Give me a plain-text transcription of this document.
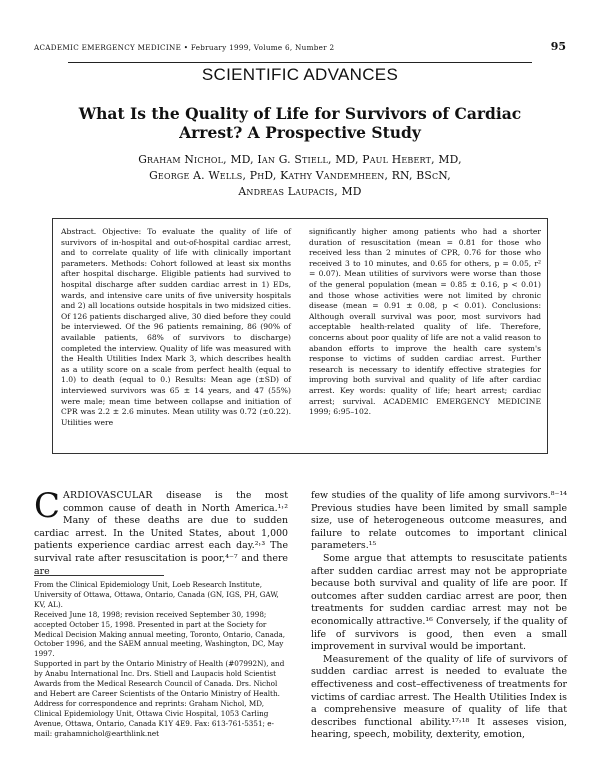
ACADEMIC EMERGENCY MEDICINE • February 1999, Volume 6, Number 2	95
SCIENTIFIC ADVANCES
What Is the Quality of Life for Survivors of Cardiac Arrest? A Prospective Study
Graham Nichol, MD, Ian G. Stiell, MD, Paul Hebert, MD,
George A. Wells, PhD, Kathy Vandemheen, RN, BScN,
Andreas Laupacis, MD
Abstract. Objective: To evaluate the quality of life of survivors of in-hospital and out-of-hospital cardiac arrest, and to correlate quality of life with clinically important parameters. Methods: Cohort followed at least six months after hospital discharge. Eligible patients had survived to hospital discharge after sudden cardiac arrest in 1) EDs, wards, and intensive care units of five university hospitals and 2) all locations outside hospitals in two midsized cities. Of 126 patients discharged alive, 30 died before they could be interviewed. Of the 96 patients remaining, 86 (90% of available patients, 68% of survivors to discharge) completed the interview. Quality of life was measured with the Health Utilities Index Mark 3, which describes health as a utility score on a scale from perfect health (equal to 1.0) to death (equal to 0.) Results: Mean age (±SD) of interviewed survivors was 65 ± 14 years, and 47 (55%) were male; mean time between collapse and initiation of CPR was 2.2 ± 2.6 minutes. Mean utility was 0.72 (±0.22). Utilities were
significantly higher among patients who had a shorter duration of resuscitation (mean = 0.81 for those who received less than 2 minutes of CPR, 0.76 for those who received 3 to 10 minutes, and 0.65 for others, p = 0.05, r² = 0.07). Mean utilities of survivors were worse than those of the general population (mean = 0.85 ± 0.16, p < 0.01) and those whose activities were not limited by chronic disease (mean = 0.91 ± 0.08, p < 0.01). Conclusions: Although overall survival was poor, most survivors had acceptable health-related quality of life. Therefore, concerns about poor quality of life are not a valid reason to abandon efforts to improve the health care system's response to victims of sudden cardiac arrest. Further research is necessary to identify effective strategies for improving both survival and quality of life after cardiac arrest. Key words: quality of life; heart arrest; cardiac arrest; survival. ACADEMIC EMERGENCY MEDICINE 1999; 6:95–102.

CARDIOVASCULAR disease is the most common cause of death in North America.¹˒² Many of these deaths are due to sudden cardiac arrest. In the United States, about 1,000 patients experience cardiac arrest each day.²˒³ The survival rate after resuscitation is poor,⁴⁻⁷ and there are

From the Clinical Epidemiology Unit, Loeb Research Institute, University of Ottawa, Ottawa, Ontario, Canada (GN, IGS, PH, GAW, KV, AL).

Received June 18, 1998; revision received September 30, 1998; accepted October 15, 1998. Presented in part at the Society for Medical Decision Making annual meeting, Toronto, Ontario, Canada, October 1996, and the SAEM annual meeting, Washington, DC, May 1997.

Supported in part by the Ontario Ministry of Health (#07992N), and by Anabu International Inc. Drs. Stiell and Laupacis hold Scientist Awards from the Medical Research Council of Canada. Drs. Nichol and Hebert are Career Scientists of the Ontario Ministry of Health.

Address for correspondence and reprints: Graham Nichol, MD, Clinical Epidemiology Unit, Ottawa Civic Hospital, 1053 Carling Avenue, Ottawa, Ontario, Canada K1Y 4E9. Fax: 613-761-5351; e-mail: grahamnichol@earthlink.net

few studies of the quality of life among survivors.⁸⁻¹⁴ Previous studies have been limited by small sample size, use of heterogeneous outcome measures, and failure to relate outcomes to important clinical parameters.¹⁵

Some argue that attempts to resuscitate patients after sudden cardiac arrest may not be appropriate because both survival and quality of life are poor. If outcomes after sudden cardiac arrest are poor, then treatments for sudden cardiac arrest may not be economically attractive.¹⁶ Conversely, if the quality of life of survivors is good, then even a small improvement in survival would be important.

Measurement of the quality of life of survivors of sudden cardiac arrest is needed to evaluate the effectiveness and cost–effectiveness of treatments for victims of cardiac arrest. The Health Utilities Index is a comprehensive measure of quality of life that describes functional ability.¹⁷˒¹⁸ It asseses vision, hearing, speech, mobility, dexterity, emotion,
